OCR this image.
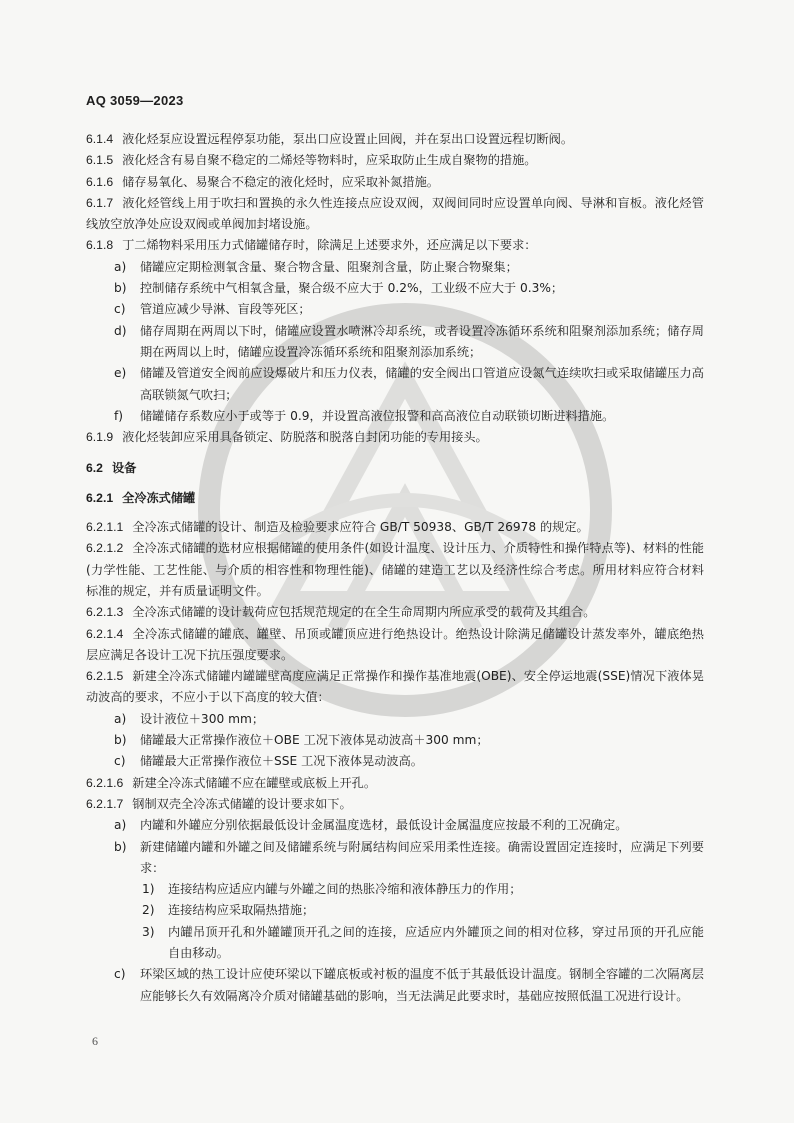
AQ 3059—2023

6.1.4 液化烃泵应设置远程停泵功能，泵出口应设置止回阀，并在泵出口设置远程切断阀。

6.1.5 液化烃含有易自聚不稳定的二烯烃等物料时，应采取防止生成自聚物的措施。

6.1.6 储存易氧化、易聚合不稳定的液化烃时，应采取补氮措施。

6.1.7 液化烃管线上用于吹扫和置换的永久性连接点应设双阀，双阀间同时应设置单向阀、导淋和盲板。液化烃管线放空放净处应设双阀或单阀加封堵设施。

6.1.8 丁二烯物料采用压力式储罐储存时，除满足上述要求外，还应满足以下要求：

a) 储罐应定期检测氧含量、聚合物含量、阻聚剂含量，防止聚合物聚集；

b) 控制储存系统中气相氧含量，聚合级不应大于 0.2%，工业级不应大于 0.3%；

c) 管道应减少导淋、盲段等死区；

d) 储存周期在两周以下时，储罐应设置水喷淋冷却系统，或者设置冷冻循环系统和阻聚剂添加系统；储存周期在两周以上时，储罐应设置冷冻循环系统和阻聚剂添加系统；

e) 储罐及管道安全阀前应设爆破片和压力仪表，储罐的安全阀出口管道应设氮气连续吹扫或采取储罐压力高高联锁氮气吹扫；

f) 储罐储存系数应小于或等于 0.9，并设置高液位报警和高高液位自动联锁切断进料措施。

6.1.9 液化烃装卸应采用具备锁定、防脱落和脱落自封闭功能的专用接头。

6.2 设备

6.2.1 全冷冻式储罐

6.2.1.1 全冷冻式储罐的设计、制造及检验要求应符合 GB/T 50938、GB/T 26978 的规定。

6.2.1.2 全冷冻式储罐的选材应根据储罐的使用条件(如设计温度、设计压力、介质特性和操作特点等)、材料的性能(力学性能、工艺性能、与介质的相容性和物理性能)、储罐的建造工艺以及经济性综合考虑。所用材料应符合材料标准的规定，并有质量证明文件。

6.2.1.3 全冷冻式储罐的设计载荷应包括规范规定的在全生命周期内所应承受的载荷及其组合。

6.2.1.4 全冷冻式储罐的罐底、罐壁、吊顶或罐顶应进行绝热设计。绝热设计除满足储罐设计蒸发率外，罐底绝热层应满足各设计工况下抗压强度要求。

6.2.1.5 新建全冷冻式储罐内罐罐壁高度应满足正常操作和操作基准地震(OBE)、安全停运地震(SSE)情况下液体晃动波高的要求，不应小于以下高度的较大值：

a) 设计液位＋300 mm；

b) 储罐最大正常操作液位＋OBE 工况下液体晃动波高＋300 mm；

c) 储罐最大正常操作液位＋SSE 工况下液体晃动波高。

6.2.1.6 新建全冷冻式储罐不应在罐壁或底板上开孔。

6.2.1.7 钢制双壳全冷冻式储罐的设计要求如下。

a) 内罐和外罐应分别依据最低设计金属温度选材，最低设计金属温度应按最不利的工况确定。

b) 新建储罐内罐和外罐之间及储罐系统与附属结构间应采用柔性连接。确需设置固定连接时，应满足下列要求：

1) 连接结构应适应内罐与外罐之间的热胀冷缩和液体静压力的作用；

2) 连接结构应采取隔热措施；

3) 内罐吊顶开孔和外罐罐顶开孔之间的连接，应适应内外罐顶之间的相对位移，穿过吊顶的开孔应能自由移动。

c) 环梁区域的热工设计应使环梁以下罐底板或衬板的温度不低于其最低设计温度。钢制全容罐的二次隔离层应能够长久有效隔离冷介质对储罐基础的影响，当无法满足此要求时，基础应按照低温工况进行设计。

6
